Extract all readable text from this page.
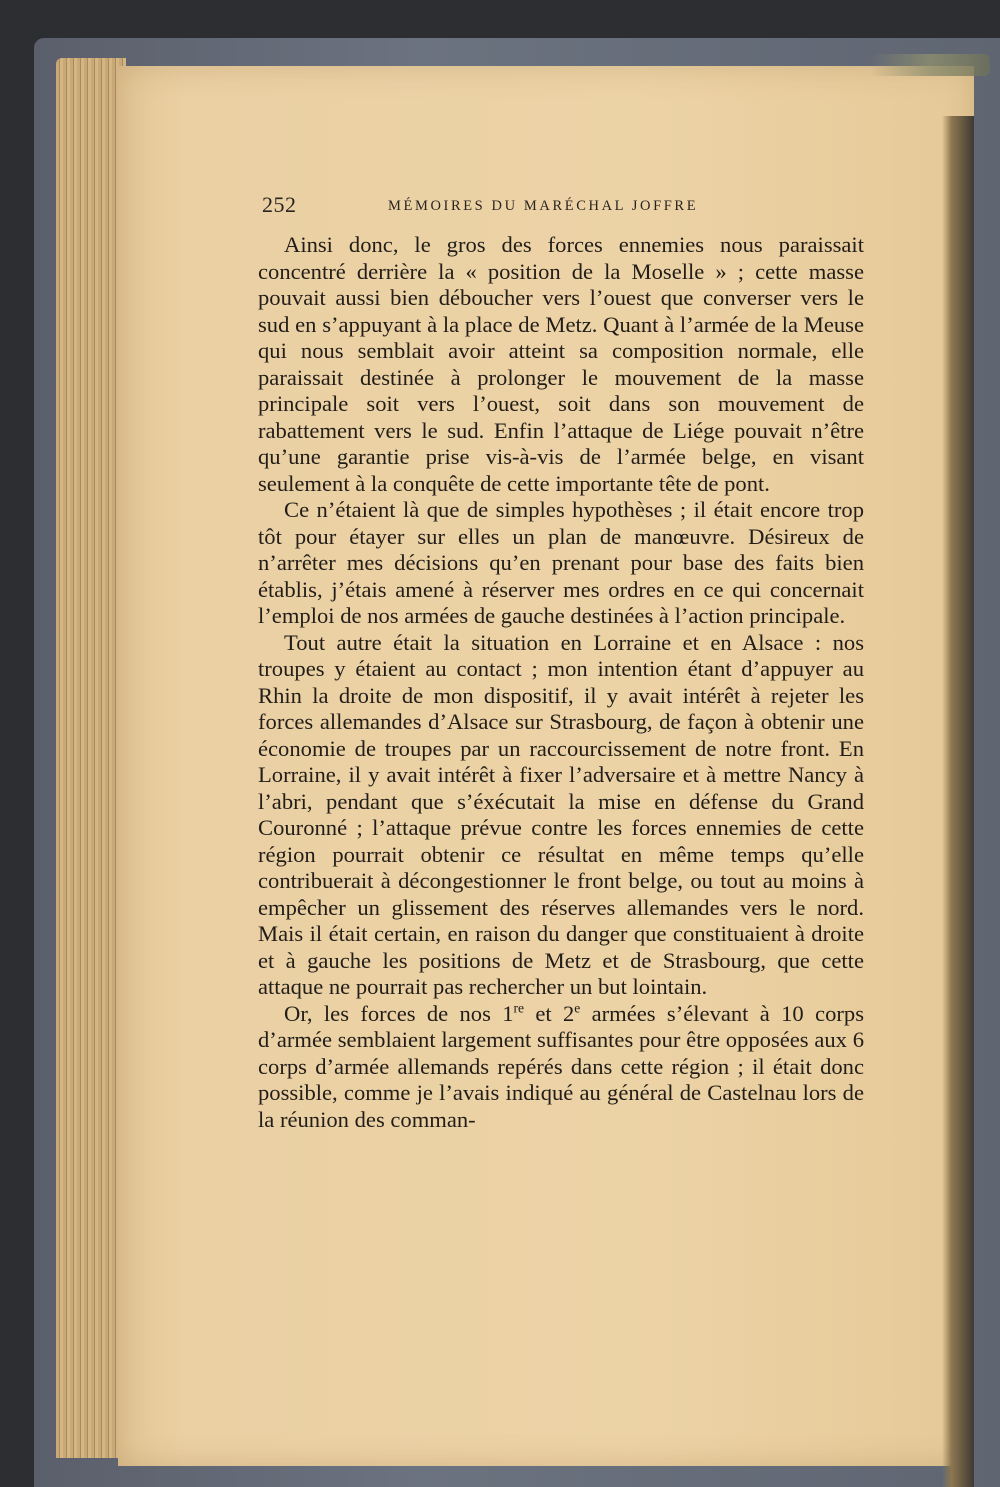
252	MÉMOIRES DU MARÉCHAL JOFFRE

Ainsi donc, le gros des forces ennemies nous paraissait concentré derrière la « position de la Moselle » ; cette masse pouvait aussi bien déboucher vers l’ouest que converser vers le sud en s’appuyant à la place de Metz. Quant à l’armée de la Meuse qui nous semblait avoir atteint sa composition normale, elle paraissait destinée à prolonger le mouvement de la masse principale soit vers l’ouest, soit dans son mouvement de rabattement vers le sud. Enfin l’attaque de Liége pouvait n’être qu’une garantie prise vis-à-vis de l’armée belge, en visant seulement à la conquête de cette importante tête de pont.

Ce n’étaient là que de simples hypothèses ; il était encore trop tôt pour étayer sur elles un plan de manœuvre. Désireux de n’arrêter mes décisions qu’en prenant pour base des faits bien établis, j’étais amené à réserver mes ordres en ce qui concernait l’emploi de nos armées de gauche destinées à l’action principale.

Tout autre était la situation en Lorraine et en Alsace : nos troupes y étaient au contact ; mon intention étant d’appuyer au Rhin la droite de mon dispositif, il y avait intérêt à rejeter les forces allemandes d’Alsace sur Strasbourg, de façon à obtenir une économie de troupes par un raccourcissement de notre front. En Lorraine, il y avait intérêt à fixer l’adversaire et à mettre Nancy à l’abri, pendant que s’éxécutait la mise en défense du Grand Couronné ; l’attaque prévue contre les forces ennemies de cette région pourrait obtenir ce résultat en même temps qu’elle contribuerait à décongestionner le front belge, ou tout au moins à empêcher un glissement des réserves allemandes vers le nord. Mais il était certain, en raison du danger que constituaient à droite et à gauche les positions de Metz et de Strasbourg, que cette attaque ne pourrait pas rechercher un but lointain.

Or, les forces de nos 1re et 2e armées s’élevant à 10 corps d’armée semblaient largement suffisantes pour être opposées aux 6 corps d’armée allemands repérés dans cette région ; il était donc possible, comme je l’avais indiqué au général de Castelnau lors de la réunion des comman-
